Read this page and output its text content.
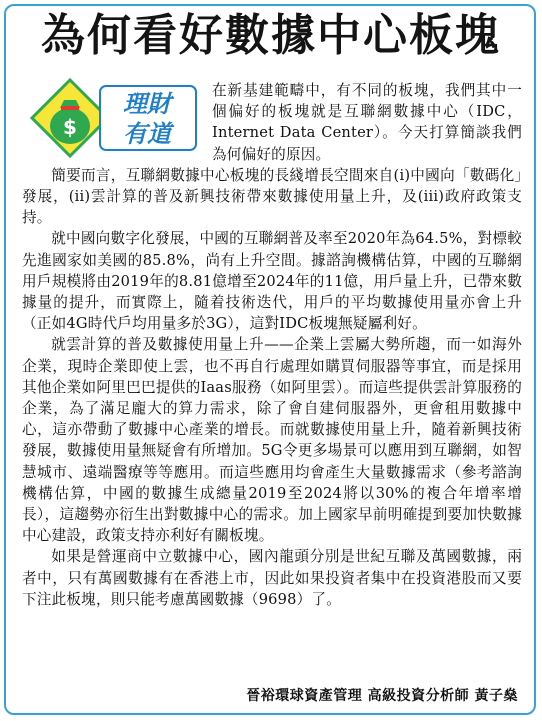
為何看好數據中心板塊
$
理財
有道

在新基建範疇中，有不同的板塊，我們其中一個偏好的板塊就是互聯網數據中心（IDC，Internet Data Center）。今天打算簡談我們為何偏好的原因。

簡要而言，互聯網數據中心板塊的長綫增長空間來自(i)中國向「數碼化」發展，(ii)雲計算的普及新興技術帶來數據使用量上升，及(iii)政府政策支持。

就中國向數字化發展，中國的互聯網普及率至2020年為64.5%，對標較先進國家如美國的85.8%，尚有上升空間。據諮詢機構估算，中國的互聯網用戶規模將由2019年的8.81億增至2024年的11億，用戶量上升，已帶來數據量的提升，而實際上，隨着技術迭代，用戶的平均數據使用量亦會上升（正如4G時代戶均用量多於3G），這對IDC板塊無疑屬利好。

就雲計算的普及數據使用量上升——企業上雲屬大勢所趨，而一如海外企業，現時企業即使上雲，也不再自行處理如購買伺服器等事宜，而是採用其他企業如阿里巴巴提供的Iaas服務（如阿里雲）。而這些提供雲計算服務的企業，為了滿足龐大的算力需求，除了會自建伺服器外，更會租用數據中心，這亦帶動了數據中心產業的增長。而就數據使用量上升，隨着新興技術發展，數據使用量無疑會有所增加。5G令更多場景可以應用到互聯網，如智慧城市、遠端醫療等等應用。而這些應用均會產生大量數據需求（參考諮詢機構估算，中國的數據生成總量2019至2024將以30%的複合年增率增長），這趨勢亦衍生出對數據中心的需求。加上國家早前明確提到要加快數據中心建設，政策支持亦利好有關板塊。

如果是營運商中立數據中心，國內龍頭分別是世紀互聯及萬國數據，兩者中，只有萬國數據有在香港上市，因此如果投資者集中在投資港股而又要下注此板塊，則只能考慮萬國數據（9698）了。

晉裕環球資產管理 高級投資分析師 黃子燊
